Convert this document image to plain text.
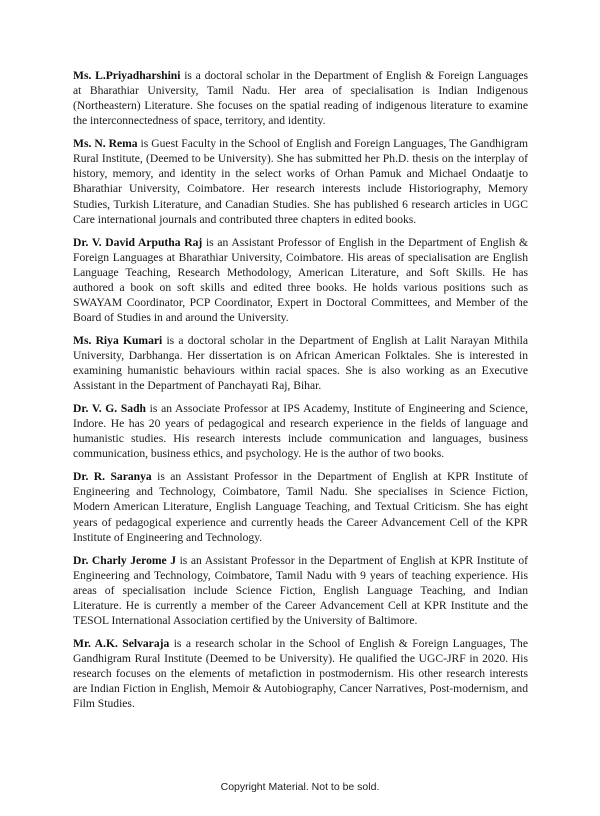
Ms. L.Priyadharshini is a doctoral scholar in the Department of English & Foreign Languages at Bharathiar University, Tamil Nadu. Her area of specialisation is Indian Indigenous (Northeastern) Literature. She focuses on the spatial reading of indigenous literature to examine the interconnectedness of space, territory, and identity.

Ms. N. Rema is Guest Faculty in the School of English and Foreign Languages, The Gandhigram Rural Institute, (Deemed to be University). She has submitted her Ph.D. thesis on the interplay of history, memory, and identity in the select works of Orhan Pamuk and Michael Ondaatje to Bharathiar University, Coimbatore. Her research interests include Historiography, Memory Studies, Turkish Literature, and Canadian Studies. She has published 6 research articles in UGC Care international journals and contributed three chapters in edited books.

Dr. V. David Arputha Raj is an Assistant Professor of English in the Department of English & Foreign Languages at Bharathiar University, Coimbatore. His areas of specialisation are English Language Teaching, Research Methodology, American Literature, and Soft Skills. He has authored a book on soft skills and edited three books. He holds various positions such as SWAYAM Coordinator, PCP Coordinator, Expert in Doctoral Committees, and Member of the Board of Studies in and around the University.

Ms. Riya Kumari is a doctoral scholar in the Department of English at Lalit Narayan Mithila University, Darbhanga. Her dissertation is on African American Folktales. She is interested in examining humanistic behaviours within racial spaces. She is also working as an Executive Assistant in the Department of Panchayati Raj, Bihar.

Dr. V. G. Sadh is an Associate Professor at IPS Academy, Institute of Engineering and Science, Indore. He has 20 years of pedagogical and research experience in the fields of language and humanistic studies. His research interests include communication and languages, business communication, business ethics, and psychology. He is the author of two books.

Dr. R. Saranya is an Assistant Professor in the Department of English at KPR Institute of Engineering and Technology, Coimbatore, Tamil Nadu. She specialises in Science Fiction, Modern American Literature, English Language Teaching, and Textual Criticism. She has eight years of pedagogical experience and currently heads the Career Advancement Cell of the KPR Institute of Engineering and Technology.

Dr. Charly Jerome J is an Assistant Professor in the Department of English at KPR Institute of Engineering and Technology, Coimbatore, Tamil Nadu with 9 years of teaching experience. His areas of specialisation include Science Fiction, English Language Teaching, and Indian Literature. He is currently a member of the Career Advancement Cell at KPR Institute and the TESOL International Association certified by the University of Baltimore.

Mr. A.K. Selvaraja is a research scholar in the School of English & Foreign Languages, The Gandhigram Rural Institute (Deemed to be University). He qualified the UGC-JRF in 2020. His research focuses on the elements of metafiction in postmodernism. His other research interests are Indian Fiction in English, Memoir & Autobiography, Cancer Narratives, Post-modernism, and Film Studies.

Copyright Material. Not to be sold.
